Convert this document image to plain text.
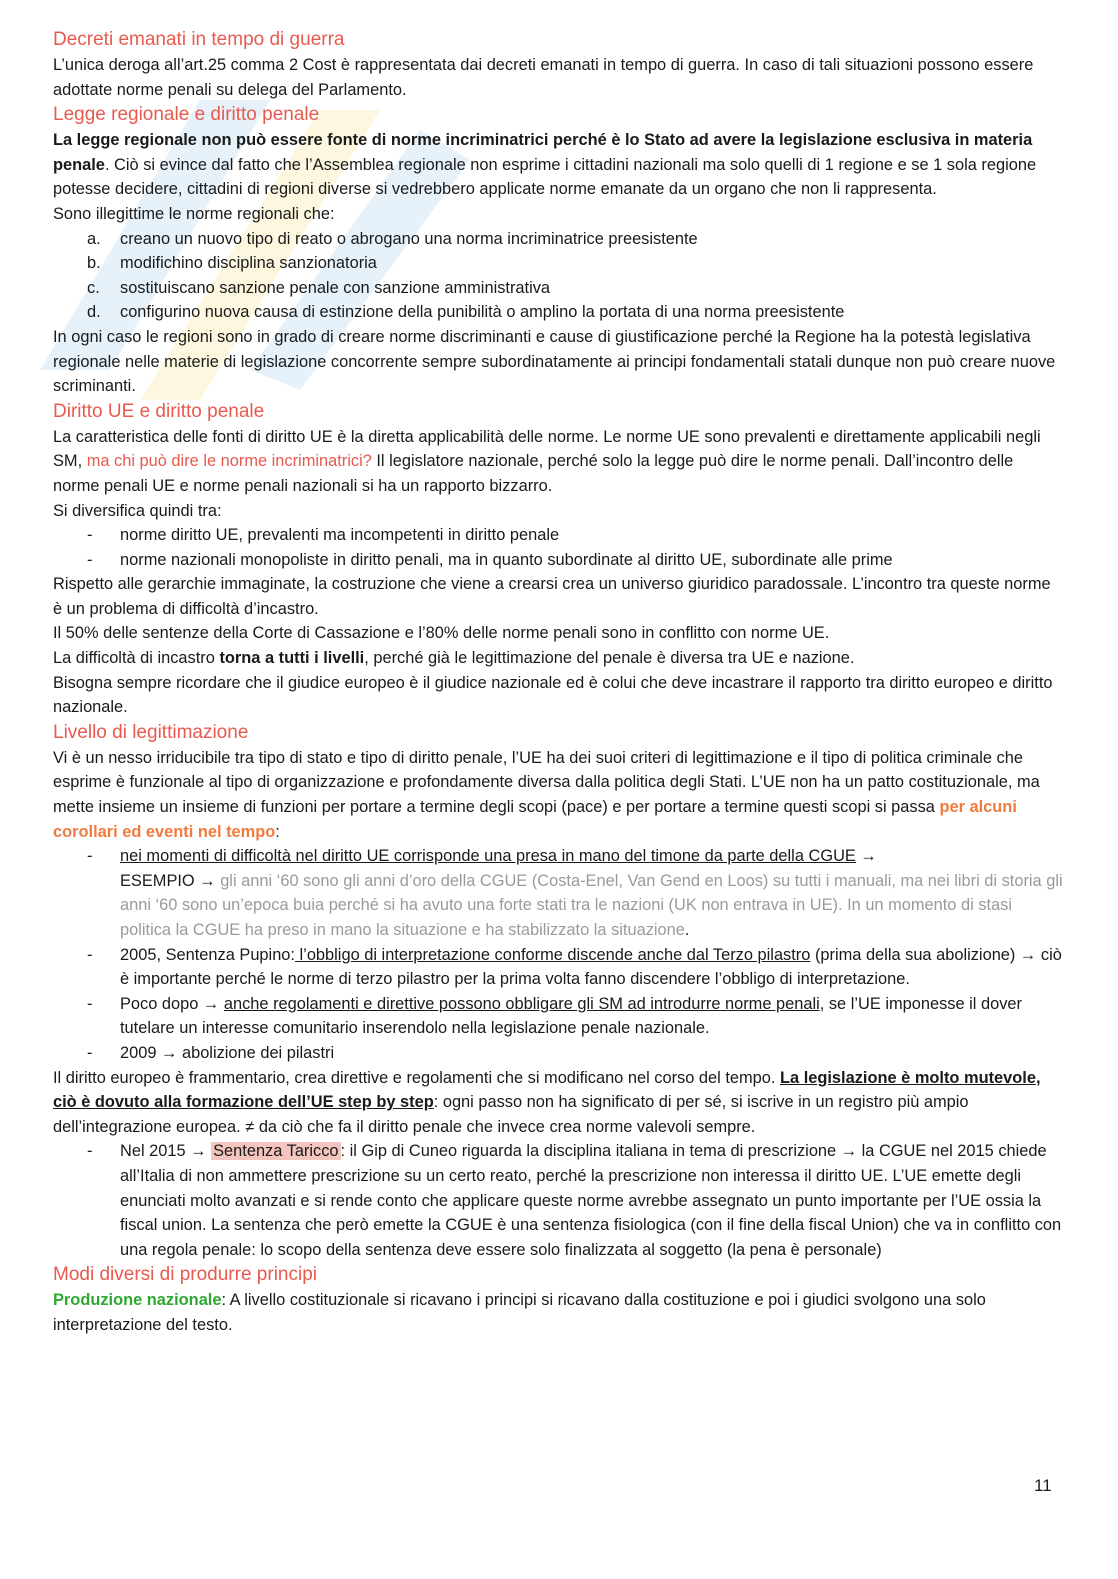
Decreti emanati in tempo di guerra

L’unica deroga all’art.25 comma 2 Cost è rappresentata dai decreti emanati in tempo di guerra. In caso di tali situazioni possono essere adottate norme penali su delega del Parlamento.

Legge regionale e diritto penale

La legge regionale non può essere fonte di norme incriminatrici perché è lo Stato ad avere la legislazione esclusiva in materia penale. Ciò si evince dal fatto che l’Assemblea regionale non esprime i cittadini nazionali ma solo quelli di 1 regione e se 1 sola regione potesse decidere, cittadini di regioni diverse si vedrebbero applicate norme emanate da un organo che non li rappresenta.

Sono illegittime le norme regionali che:

a. creano un nuovo tipo di reato o abrogano una norma incriminatrice preesistente
b. modifichino disciplina sanzionatoria
c. sostituiscano sanzione penale con sanzione amministrativa
d. configurino nuova causa di estinzione della punibilità o amplino la portata di una norma preesistente

In ogni caso le regioni sono in grado di creare norme discriminanti e cause di giustificazione perché la Regione ha la potestà legislativa regionale nelle materie di legislazione concorrente sempre subordinatamente ai principi fondamentali statali dunque non può creare nuove scriminanti.

Diritto UE e diritto penale

La caratteristica delle fonti di diritto UE è la diretta applicabilità delle norme. Le norme UE sono prevalenti e direttamente applicabili negli SM, ma chi può dire le norme incriminatrici? Il legislatore nazionale, perché solo la legge può dire le norme penali. Dall’incontro delle norme penali UE e norme penali nazionali si ha un rapporto bizzarro.

Si diversifica quindi tra:

- norme diritto UE, prevalenti ma incompetenti in diritto penale
- norme nazionali monopoliste in diritto penali, ma in quanto subordinate al diritto UE, subordinate alle prime

Rispetto alle gerarchie immaginate, la costruzione che viene a crearsi crea un universo giuridico paradossale. L’incontro tra queste norme è un problema di difficoltà d’incastro.

Il 50% delle sentenze della Corte di Cassazione e l’80% delle norme penali sono in conflitto con norme UE.

La difficoltà di incastro torna a tutti i livelli, perché già le legittimazione del penale è diversa tra UE e nazione.

Bisogna sempre ricordare che il giudice europeo è il giudice nazionale ed è colui che deve incastrare il rapporto tra diritto europeo e diritto nazionale.

Livello di legittimazione

Vi è un nesso irriducibile tra tipo di stato e tipo di diritto penale, l’UE ha dei suoi criteri di legittimazione e il tipo di politica criminale che esprime è funzionale al tipo di organizzazione e profondamente diversa dalla politica degli Stati. L’UE non ha un patto costituzionale, ma mette insieme un insieme di funzioni per portare a termine degli scopi (pace) e per portare a termine questi scopi si passa per alcuni corollari ed eventi nel tempo:

- nei momenti di difficoltà nel diritto UE corrisponde una presa in mano del timone da parte della CGUE →
ESEMPIO → gli anni ‘60 sono gli anni d’oro della CGUE (Costa-Enel, Van Gend en Loos) su tutti i manuali, ma nei libri di storia gli anni ‘60 sono un’epoca buia perché si ha avuto una forte stati tra le nazioni (UK non entrava in UE). In un momento di stasi politica la CGUE ha preso in mano la situazione e ha stabilizzato la situazione.
- 2005, Sentenza Pupino: l’obbligo di interpretazione conforme discende anche dal Terzo pilastro (prima della sua abolizione) → ciò è importante perché le norme di terzo pilastro per la prima volta fanno discendere l’obbligo di interpretazione.
- Poco dopo → anche regolamenti e direttive possono obbligare gli SM ad introdurre norme penali, se l’UE imponesse il dover tutelare un interesse comunitario inserendolo nella legislazione penale nazionale.
- 2009 → abolizione dei pilastri

Il diritto europeo è frammentario, crea direttive e regolamenti che si modificano nel corso del tempo. La legislazione è molto mutevole, ciò è dovuto alla formazione dell’UE step by step: ogni passo non ha significato di per sé, si iscrive in un registro più ampio dell’integrazione europea. ≠ da ciò che fa il diritto penale che invece crea norme valevoli sempre.

- Nel 2015 → Sentenza Taricco : il Gip di Cuneo riguarda la disciplina italiana in tema di prescrizione → la CGUE nel 2015 chiede all’Italia di non ammettere prescrizione su un certo reato, perché la prescrizione non interessa il diritto UE. L’UE emette degli enunciati molto avanzati e si rende conto che applicare queste norme avrebbe assegnato un punto importante per l’UE ossia la fiscal union. La sentenza che però emette la CGUE è una sentenza fisiologica (con il fine della fiscal Union) che va in conflitto con una regola penale: lo scopo della sentenza deve essere solo finalizzata al soggetto (la pena è personale)
Modi diversi di produrre principi

Produzione nazionale: A livello costituzionale si ricavano i principi si ricavano dalla costituzione e poi i giudici svolgono una solo interpretazione del testo.

11
